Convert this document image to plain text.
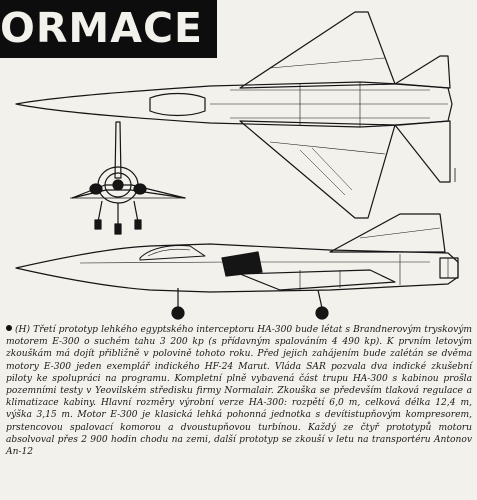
ORMACE
(H) Třetí prototyp lehkého egyptského interceptoru HA-300 bude létat s Brandnerovým tryskovým motorem E-300 o suchém tahu 3 200 kp (s přídavným spalováním 4 490 kp). K prvním letovým zkouškám má dojít přibližně v polovině tohoto roku. Před jejich zahájením bude zalétán se dvěma motory E-300 jeden exemplář indického HF-24 Marut. Vláda SAR pozvala dva indické zkušební piloty ke spolupráci na programu. Kompletní plně vybavená část trupu HA-300 s kabinou prošla pozemními testy v Yeovilském středisku firmy Normalair. Zkouška se především tlaková regulace a klimatizace kabiny. Hlavní rozměry výrobní verze HA-300: rozpětí 6,0 m, celková délka 12,4 m, výška 3,15 m. Motor E-300 je klasická lehká pohonná jednotka s devítistupňovým kompresorem, prstencovou spalovací komorou a dvoustupňovou turbínou. Každý ze čtyř prototypů motoru absolvoval přes 2 900 hodin chodu na zemi, další prototyp se zkouší v letu na transportéru Antonov An-12
